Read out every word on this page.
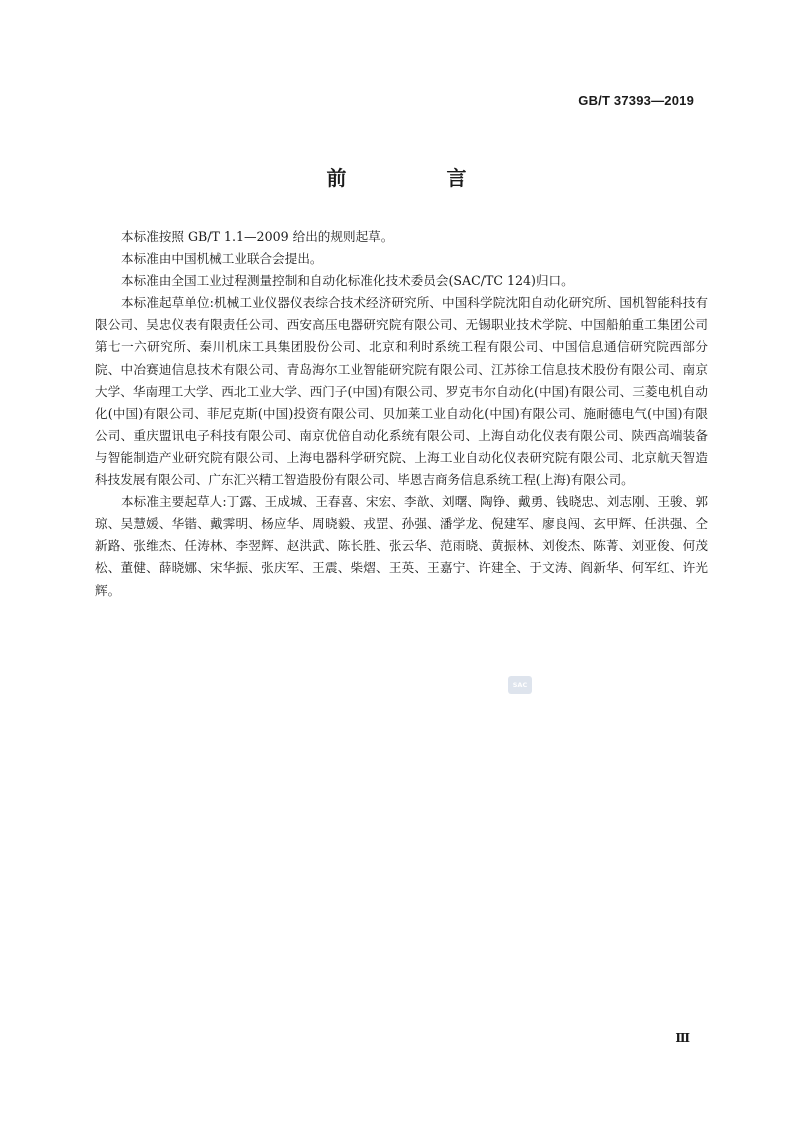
GB/T 37393—2019
前　言

本标准按照 GB/T 1.1—2009 给出的规则起草。

本标准由中国机械工业联合会提出。

本标准由全国工业过程测量控制和自动化标准化技术委员会(SAC/TC 124)归口。

本标准起草单位:机械工业仪器仪表综合技术经济研究所、中国科学院沈阳自动化研究所、国机智能科技有限公司、吴忠仪表有限责任公司、西安高压电器研究院有限公司、无锡职业技术学院、中国船舶重工集团公司第七一六研究所、秦川机床工具集团股份公司、北京和利时系统工程有限公司、中国信息通信研究院西部分院、中冶赛迪信息技术有限公司、青岛海尔工业智能研究院有限公司、江苏徐工信息技术股份有限公司、南京大学、华南理工大学、西北工业大学、西门子(中国)有限公司、罗克韦尔自动化(中国)有限公司、三菱电机自动化(中国)有限公司、菲尼克斯(中国)投资有限公司、贝加莱工业自动化(中国)有限公司、施耐德电气(中国)有限公司、重庆盟讯电子科技有限公司、南京优倍自动化系统有限公司、上海自动化仪表有限公司、陕西高端装备与智能制造产业研究院有限公司、上海电器科学研究院、上海工业自动化仪表研究院有限公司、北京航天智造科技发展有限公司、广东汇兴精工智造股份有限公司、毕恩吉商务信息系统工程(上海)有限公司。

本标准主要起草人:丁露、王成城、王春喜、宋宏、李歆、刘曙、陶铮、戴勇、钱晓忠、刘志刚、王骏、郭琼、吴慧媛、华锴、戴霁明、杨应华、周晓毅、戎罡、孙强、潘学龙、倪建军、廖良闯、玄甲辉、任洪强、仝新路、张维杰、任涛林、李翌辉、赵洪武、陈长胜、张云华、范雨晓、黄振林、刘俊杰、陈菁、刘亚俊、何茂松、董健、薛晓娜、宋华振、张庆军、王震、柴熠、王英、王嘉宁、许建全、于文涛、阎新华、何军红、许光辉。

SAC
Ⅲ
